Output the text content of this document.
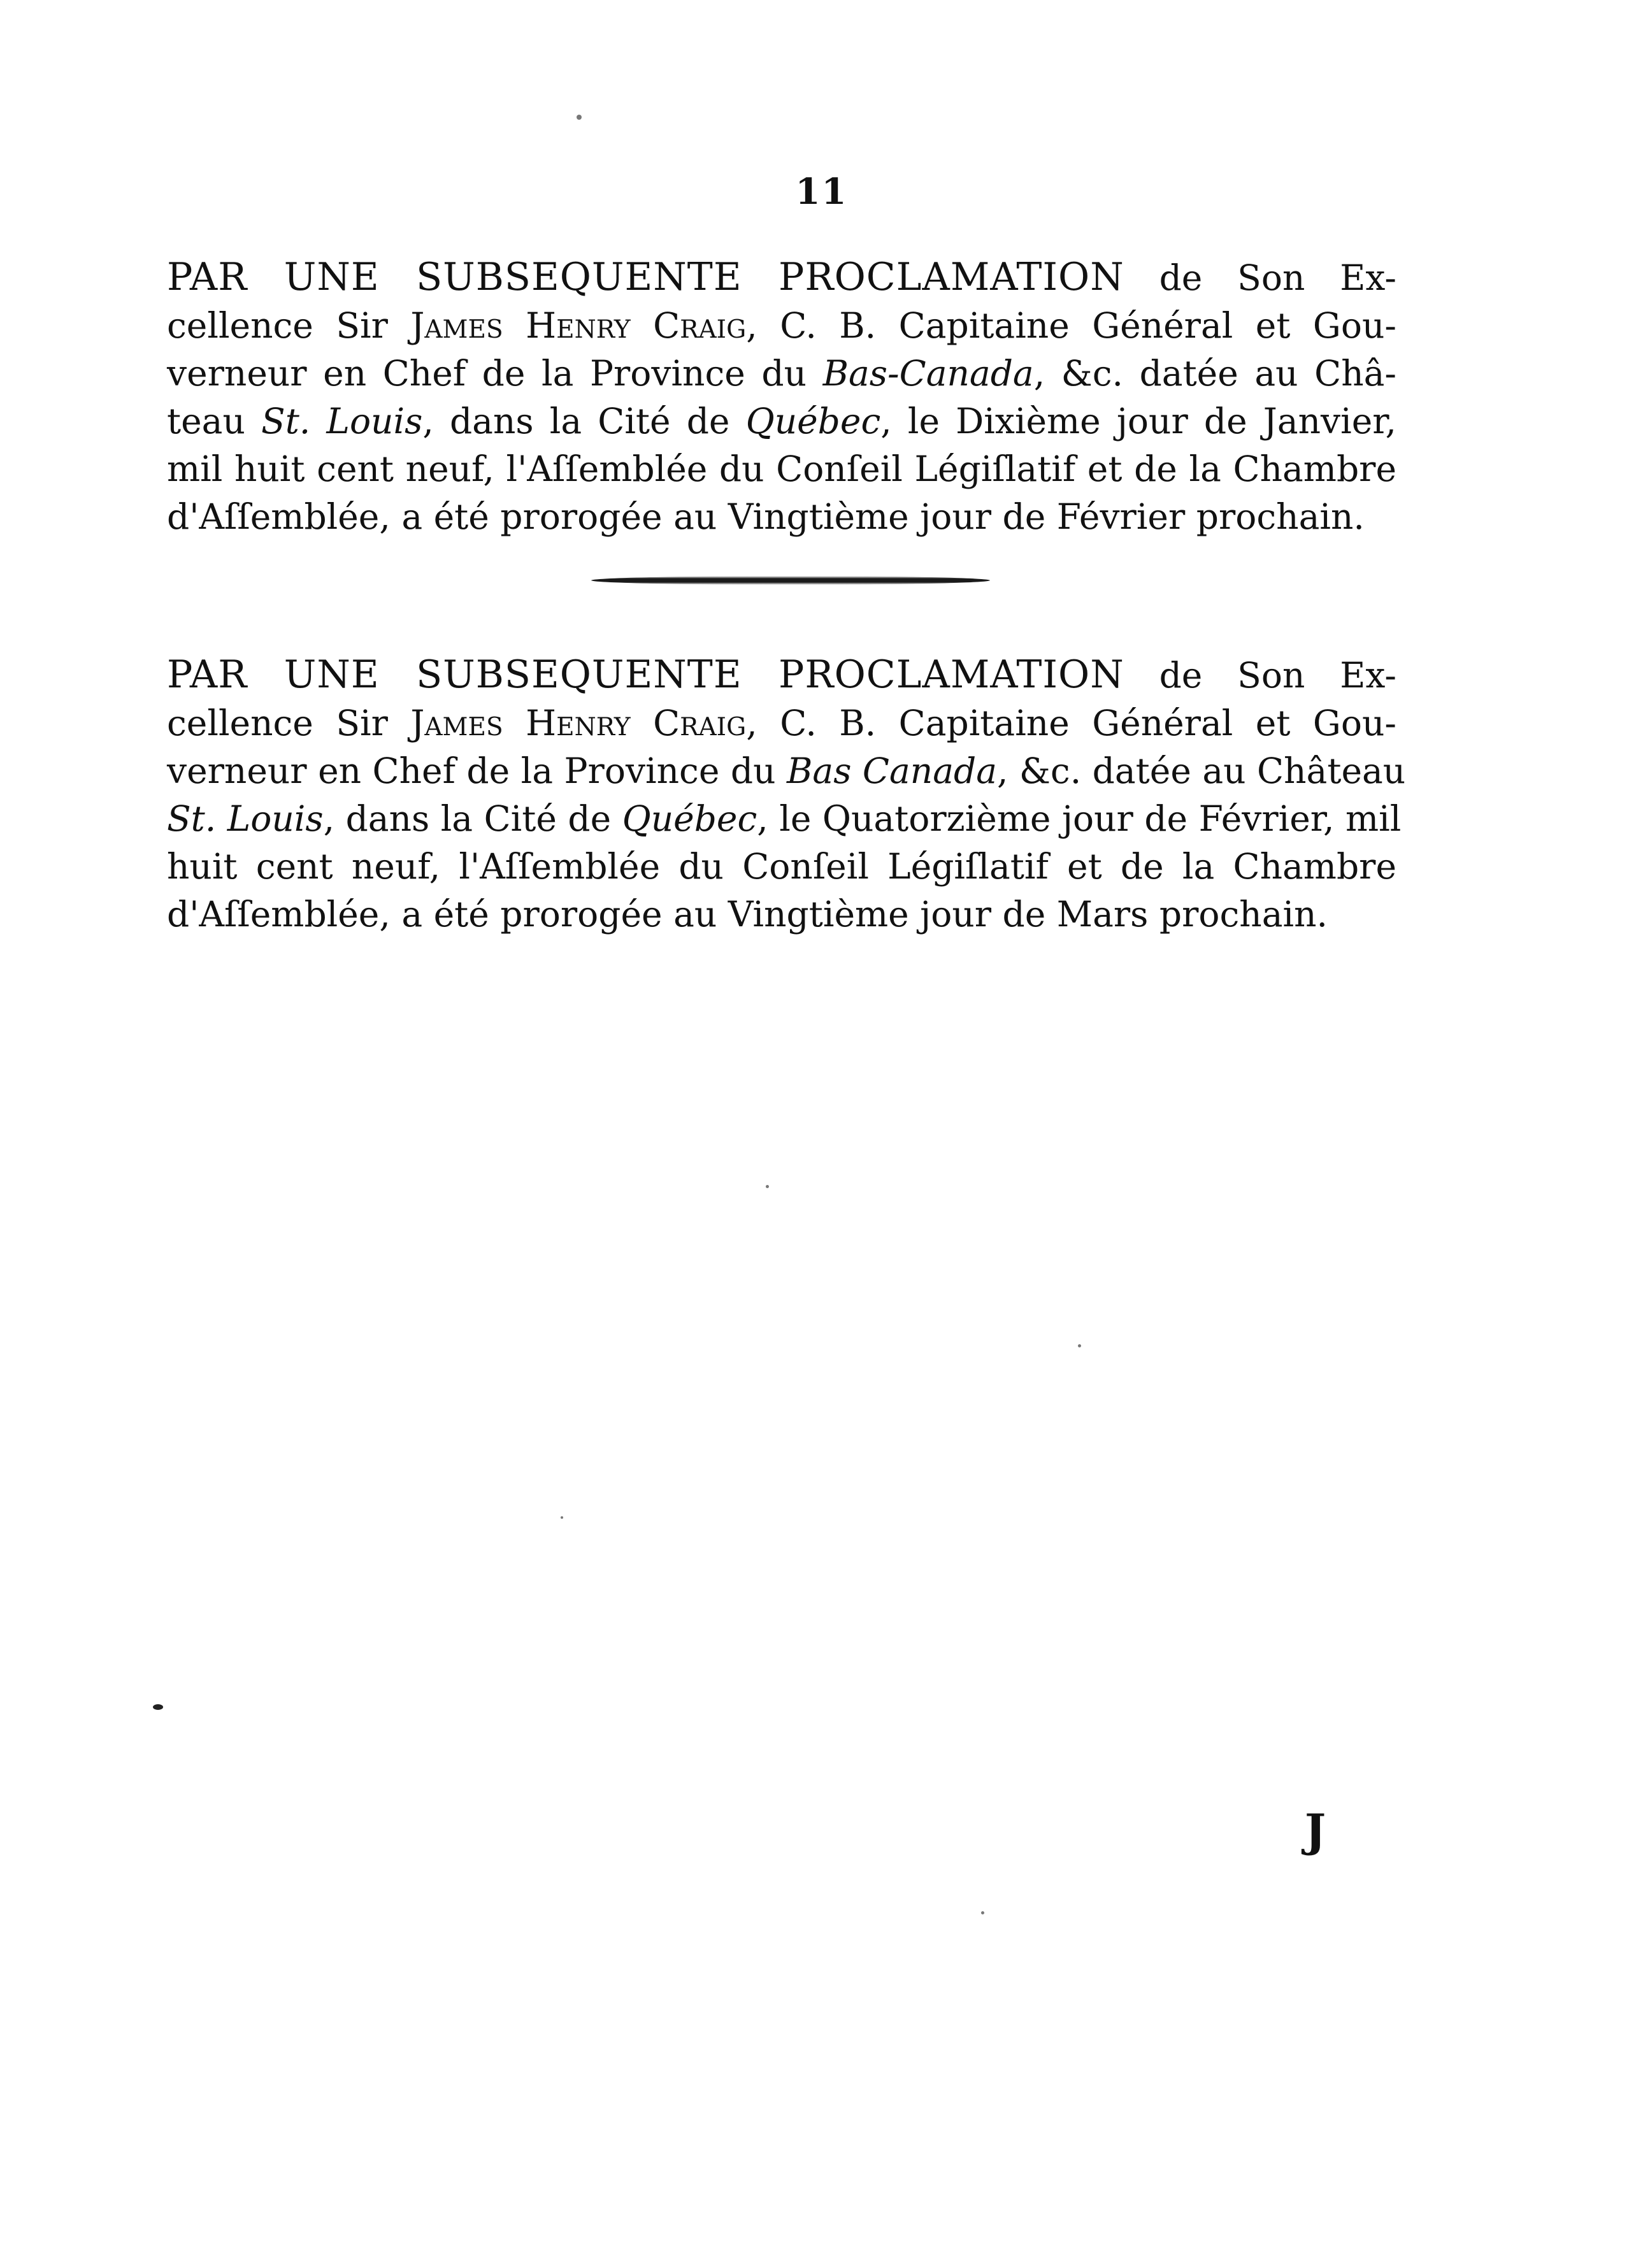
11
PAR UNE SUBSEQUENTE PROCLAMATION de Son Ex-
cellence Sir James Henry Craig, C. B. Capitaine Général et Gou-
verneur en Chef de la Province du Bas-Canada, &c. datée au Châ-
teau St. Louis, dans la Cité de Québec, le Dixième jour de Janvier,
mil huit cent neuf, l'Aſſemblée du Conſeil Légiſlatif et de la Chambre
d'Aſſemblée, a été prorogée au Vingtième jour de Février prochain.
PAR UNE SUBSEQUENTE PROCLAMATION de Son Ex-
cellence Sir James Henry Craig, C. B. Capitaine Général et Gou-
verneur en Chef de la Province du Bas Canada, &c. datée au Château
St. Louis, dans la Cité de Québec, le Quatorzième jour de Février, mil
huit cent neuf, l'Aſſemblée du Conſeil Légiſlatif et de la Chambre
d'Aſſemblée, a été prorogée au Vingtième jour de Mars prochain.
J
